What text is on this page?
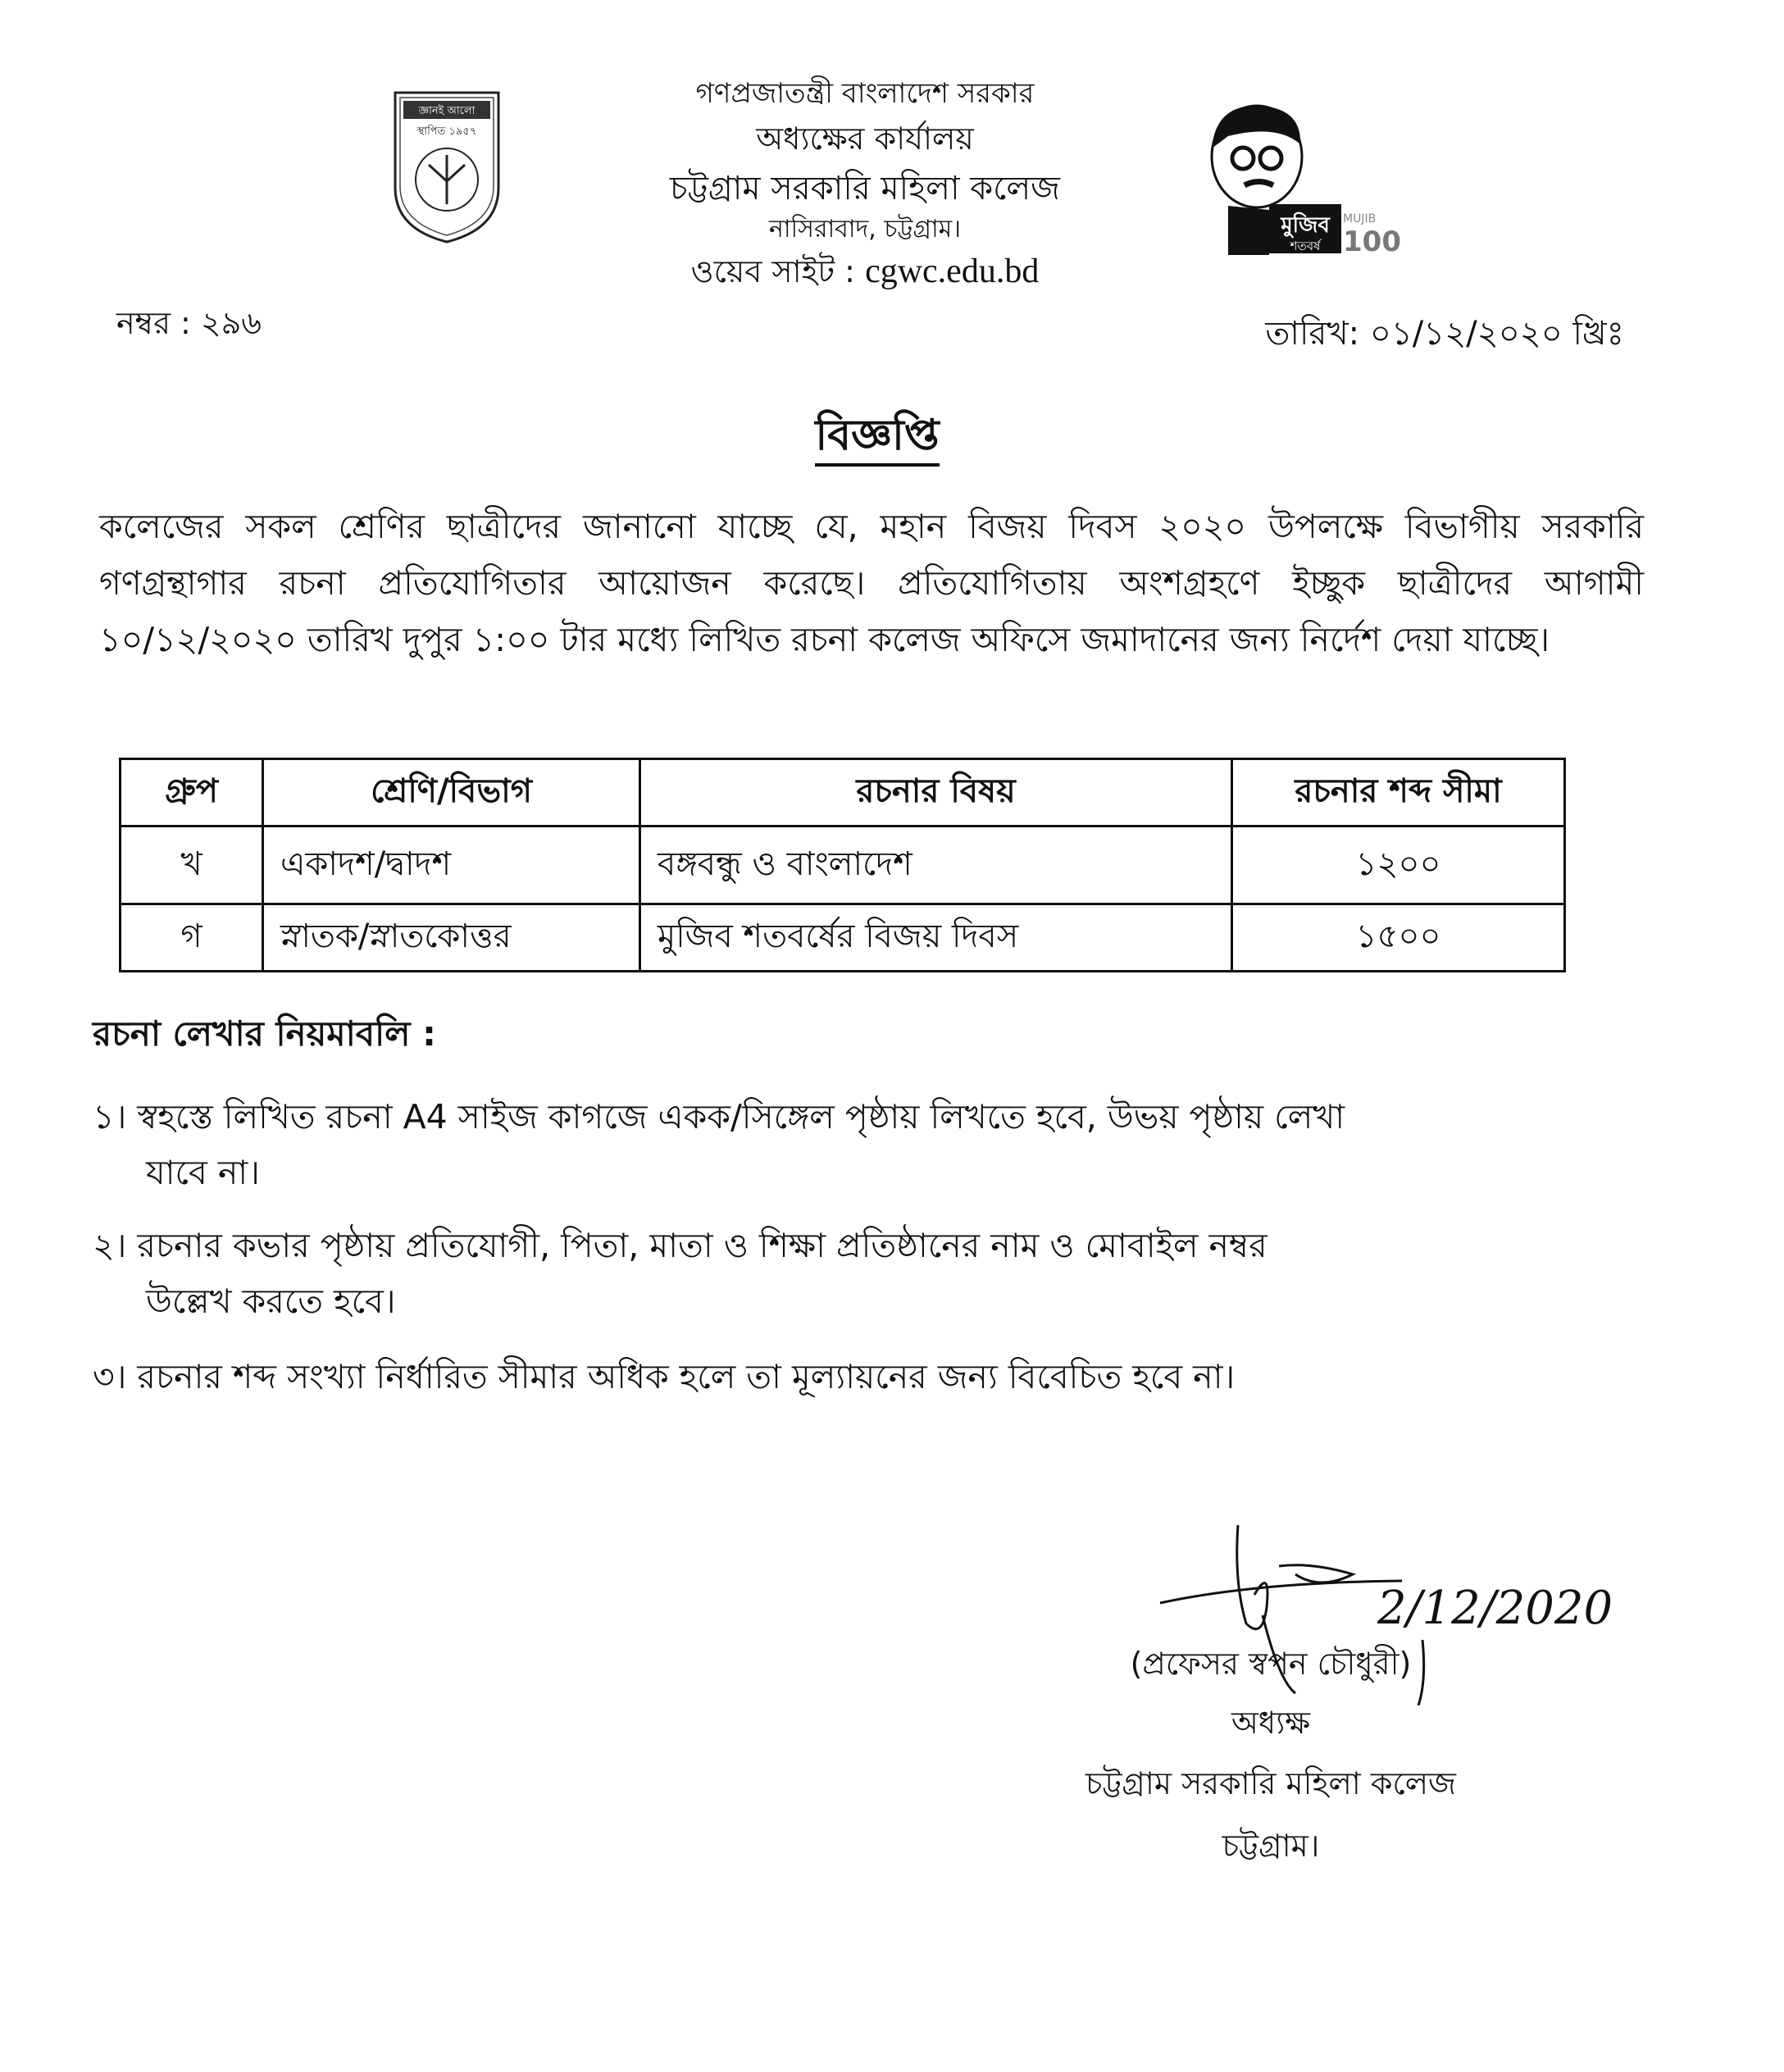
জ্ঞানই আলো
স্থাপিত ১৯৫৭
গণপ্রজাতন্ত্রী বাংলাদেশ সরকার
অধ্যক্ষের কার্যালয়
চট্টগ্রাম সরকারি মহিলা কলেজ
নাসিরাবাদ, চট্টগ্রাম।
ওয়েব সাইট : cgwc.edu.bd
মুজিব
শতবর্ষ
MUJIB
100
নম্বর : ২৯৬	তারিখ: ০১/১২/২০২০ খ্রিঃ
বিজ্ঞপ্তি
কলেজের সকল শ্রেণির ছাত্রীদের জানানো যাচ্ছে যে, মহান বিজয় দিবস ২০২০ উপলক্ষে বিভাগীয় সরকারি গণগ্রন্থাগার রচনা প্রতিযোগিতার আয়োজন করেছে। প্রতিযোগিতায় অংশগ্রহণে ইচ্ছুক ছাত্রীদের আগামী ১০/১২/২০২০ তারিখ দুপুর ১:০০ টার মধ্যে লিখিত রচনা কলেজ অফিসে জমাদানের জন্য নির্দেশ দেয়া যাচ্ছে।
গ্রুপ	শ্রেণি/বিভাগ	রচনার বিষয়	রচনার শব্দ সীমা
খ	একাদশ/দ্বাদশ	বঙ্গবন্ধু ও বাংলাদেশ	১২০০
গ	স্নাতক/স্নাতকোত্তর	মুজিব শতবর্ষের বিজয় দিবস	১৫০০
রচনা লেখার নিয়মাবলি :
১। স্বহস্তে লিখিত রচনা A4 সাইজ কাগজে একক/সিঙ্গেল পৃষ্ঠায় লিখতে হবে, উভয় পৃষ্ঠায় লেখা
যাবে না।
২। রচনার কভার পৃষ্ঠায় প্রতিযোগী, পিতা, মাতা ও শিক্ষা প্রতিষ্ঠানের নাম ও মোবাইল নম্বর
উল্লেখ করতে হবে।
৩। রচনার শব্দ সংখ্যা নির্ধারিত সীমার অধিক হলে তা মূল্যায়নের জন্য বিবেচিত হবে না।
2/12/2020
(প্রফেসর স্বপন চৌধুরী)
অধ্যক্ষ
চট্টগ্রাম সরকারি মহিলা কলেজ
চট্টগ্রাম।
